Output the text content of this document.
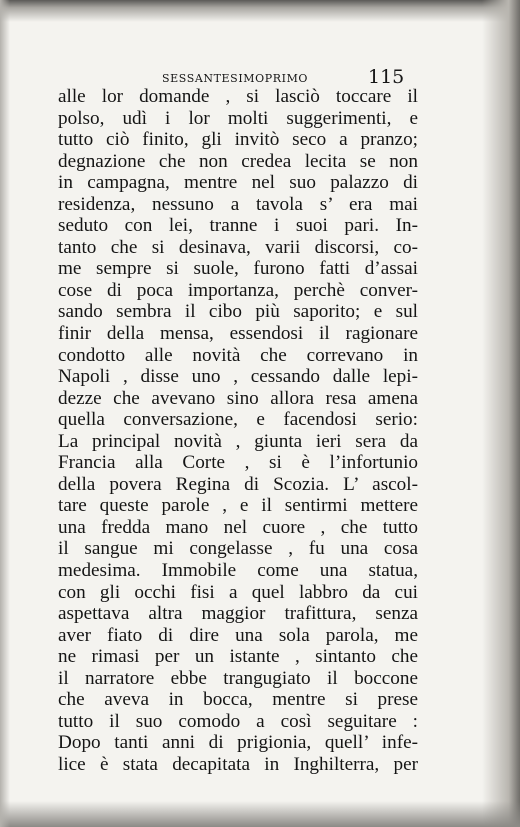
SESSANTESIMOPRIMO	115
alle lor domande , si lasciò toccare il
polso, udì i lor molti suggerimenti, e
tutto ciò finito, gli invitò seco a pranzo;
degnazione che non credea lecita se non
in campagna, mentre nel suo palazzo di
residenza, nessuno a tavola s’ era mai
seduto con lei, tranne i suoi pari. In-
tanto che si desinava, varii discorsi, co-
me sempre si suole, furono fatti d’assai
cose di poca importanza, perchè conver-
sando sembra il cibo più saporito; e sul
finir della mensa, essendosi il ragionare
condotto alle novità che correvano in
Napoli , disse uno , cessando dalle lepi-
dezze che avevano sino allora resa amena
quella conversazione, e facendosi serio:
La principal novità , giunta ieri sera da
Francia alla Corte , si è l’infortunio
della povera Regina di Scozia. L’ ascol-
tare queste parole , e il sentirmi mettere
una fredda mano nel cuore , che tutto
il sangue mi congelasse , fu una cosa
medesima. Immobile come una statua,
con gli occhi fisi a quel labbro da cui
aspettava altra maggior trafittura, senza
aver fiato di dire una sola parola, me
ne rimasi per un istante , sintanto che
il narratore ebbe trangugiato il boccone
che aveva in bocca, mentre si prese
tutto il suo comodo a così seguitare :
Dopo tanti anni di prigionia, quell’ infe-
lice è stata decapitata in Inghilterra, per
